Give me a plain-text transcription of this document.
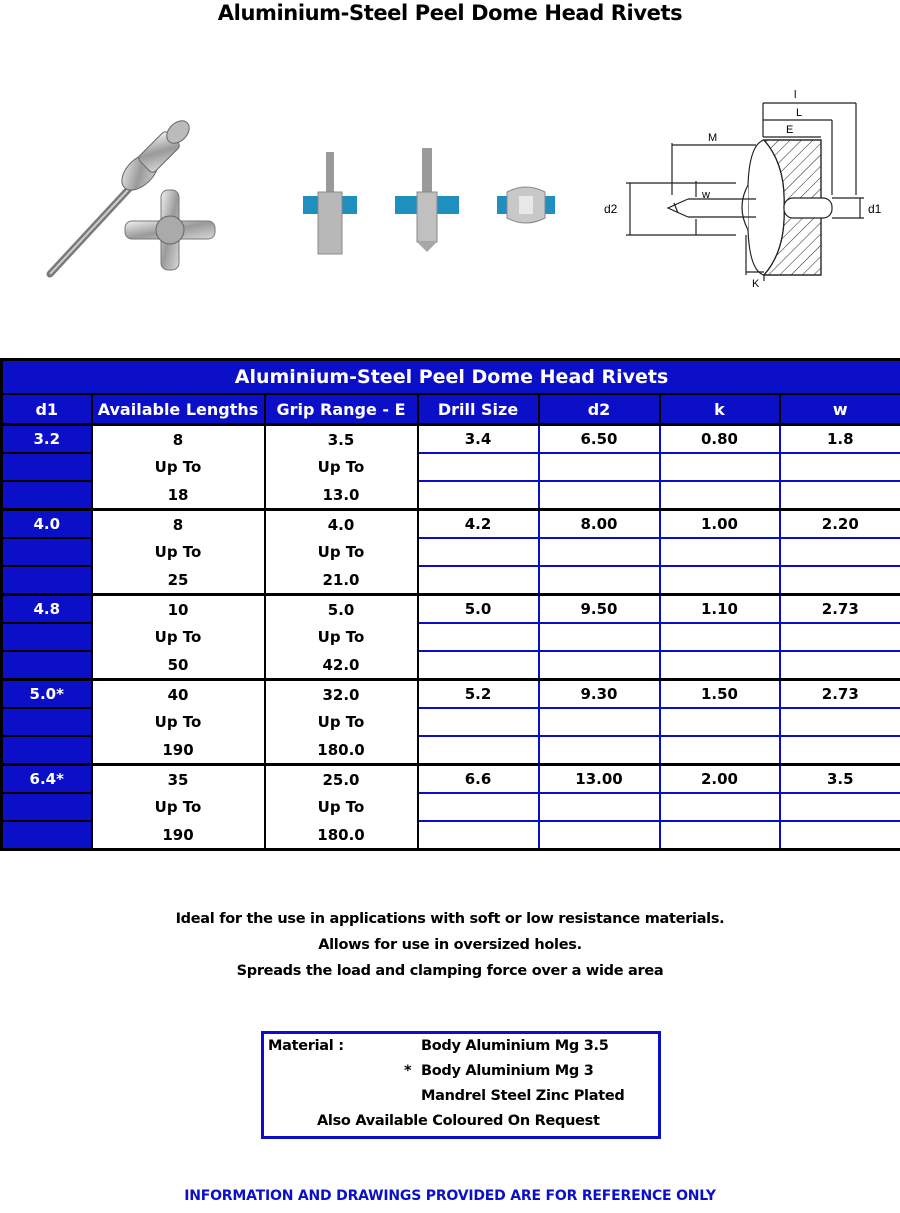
Aluminium-Steel Peel Dome Head Rivets
l
L
M
E
w
d2	d1
K
Aluminium-Steel Peel Dome Head Rivets						
d1	Available Lengths	Grip Range - E	Drill Size	d2	k	w
3.2	8	3.5	3.4	6.50	0.80	1.8
	Up To	Up To				
	18	13.0				
4.0	8	4.0	4.2	8.00	1.00	2.20
	Up To	Up To				
	25	21.0				
4.8	10	5.0	5.0	9.50	1.10	2.73
	Up To	Up To				
	50	42.0				
5.0*	40	32.0	5.2	9.30	1.50	2.73
	Up To	Up To				
	190	180.0				
6.4*	35	25.0	6.6	13.00	2.00	3.5
	Up To	Up To				
	190	180.0				
Ideal for the use in applications with soft or low resistance materials.
Allows for use in oversized holes.
Spreads the load and clamping force over a wide area
Material :	Body Aluminium Mg 3.5
* Body Aluminium Mg 3
Mandrel Steel Zinc Plated
Also Available Coloured On Request
INFORMATION AND DRAWINGS PROVIDED ARE FOR REFERENCE ONLY
